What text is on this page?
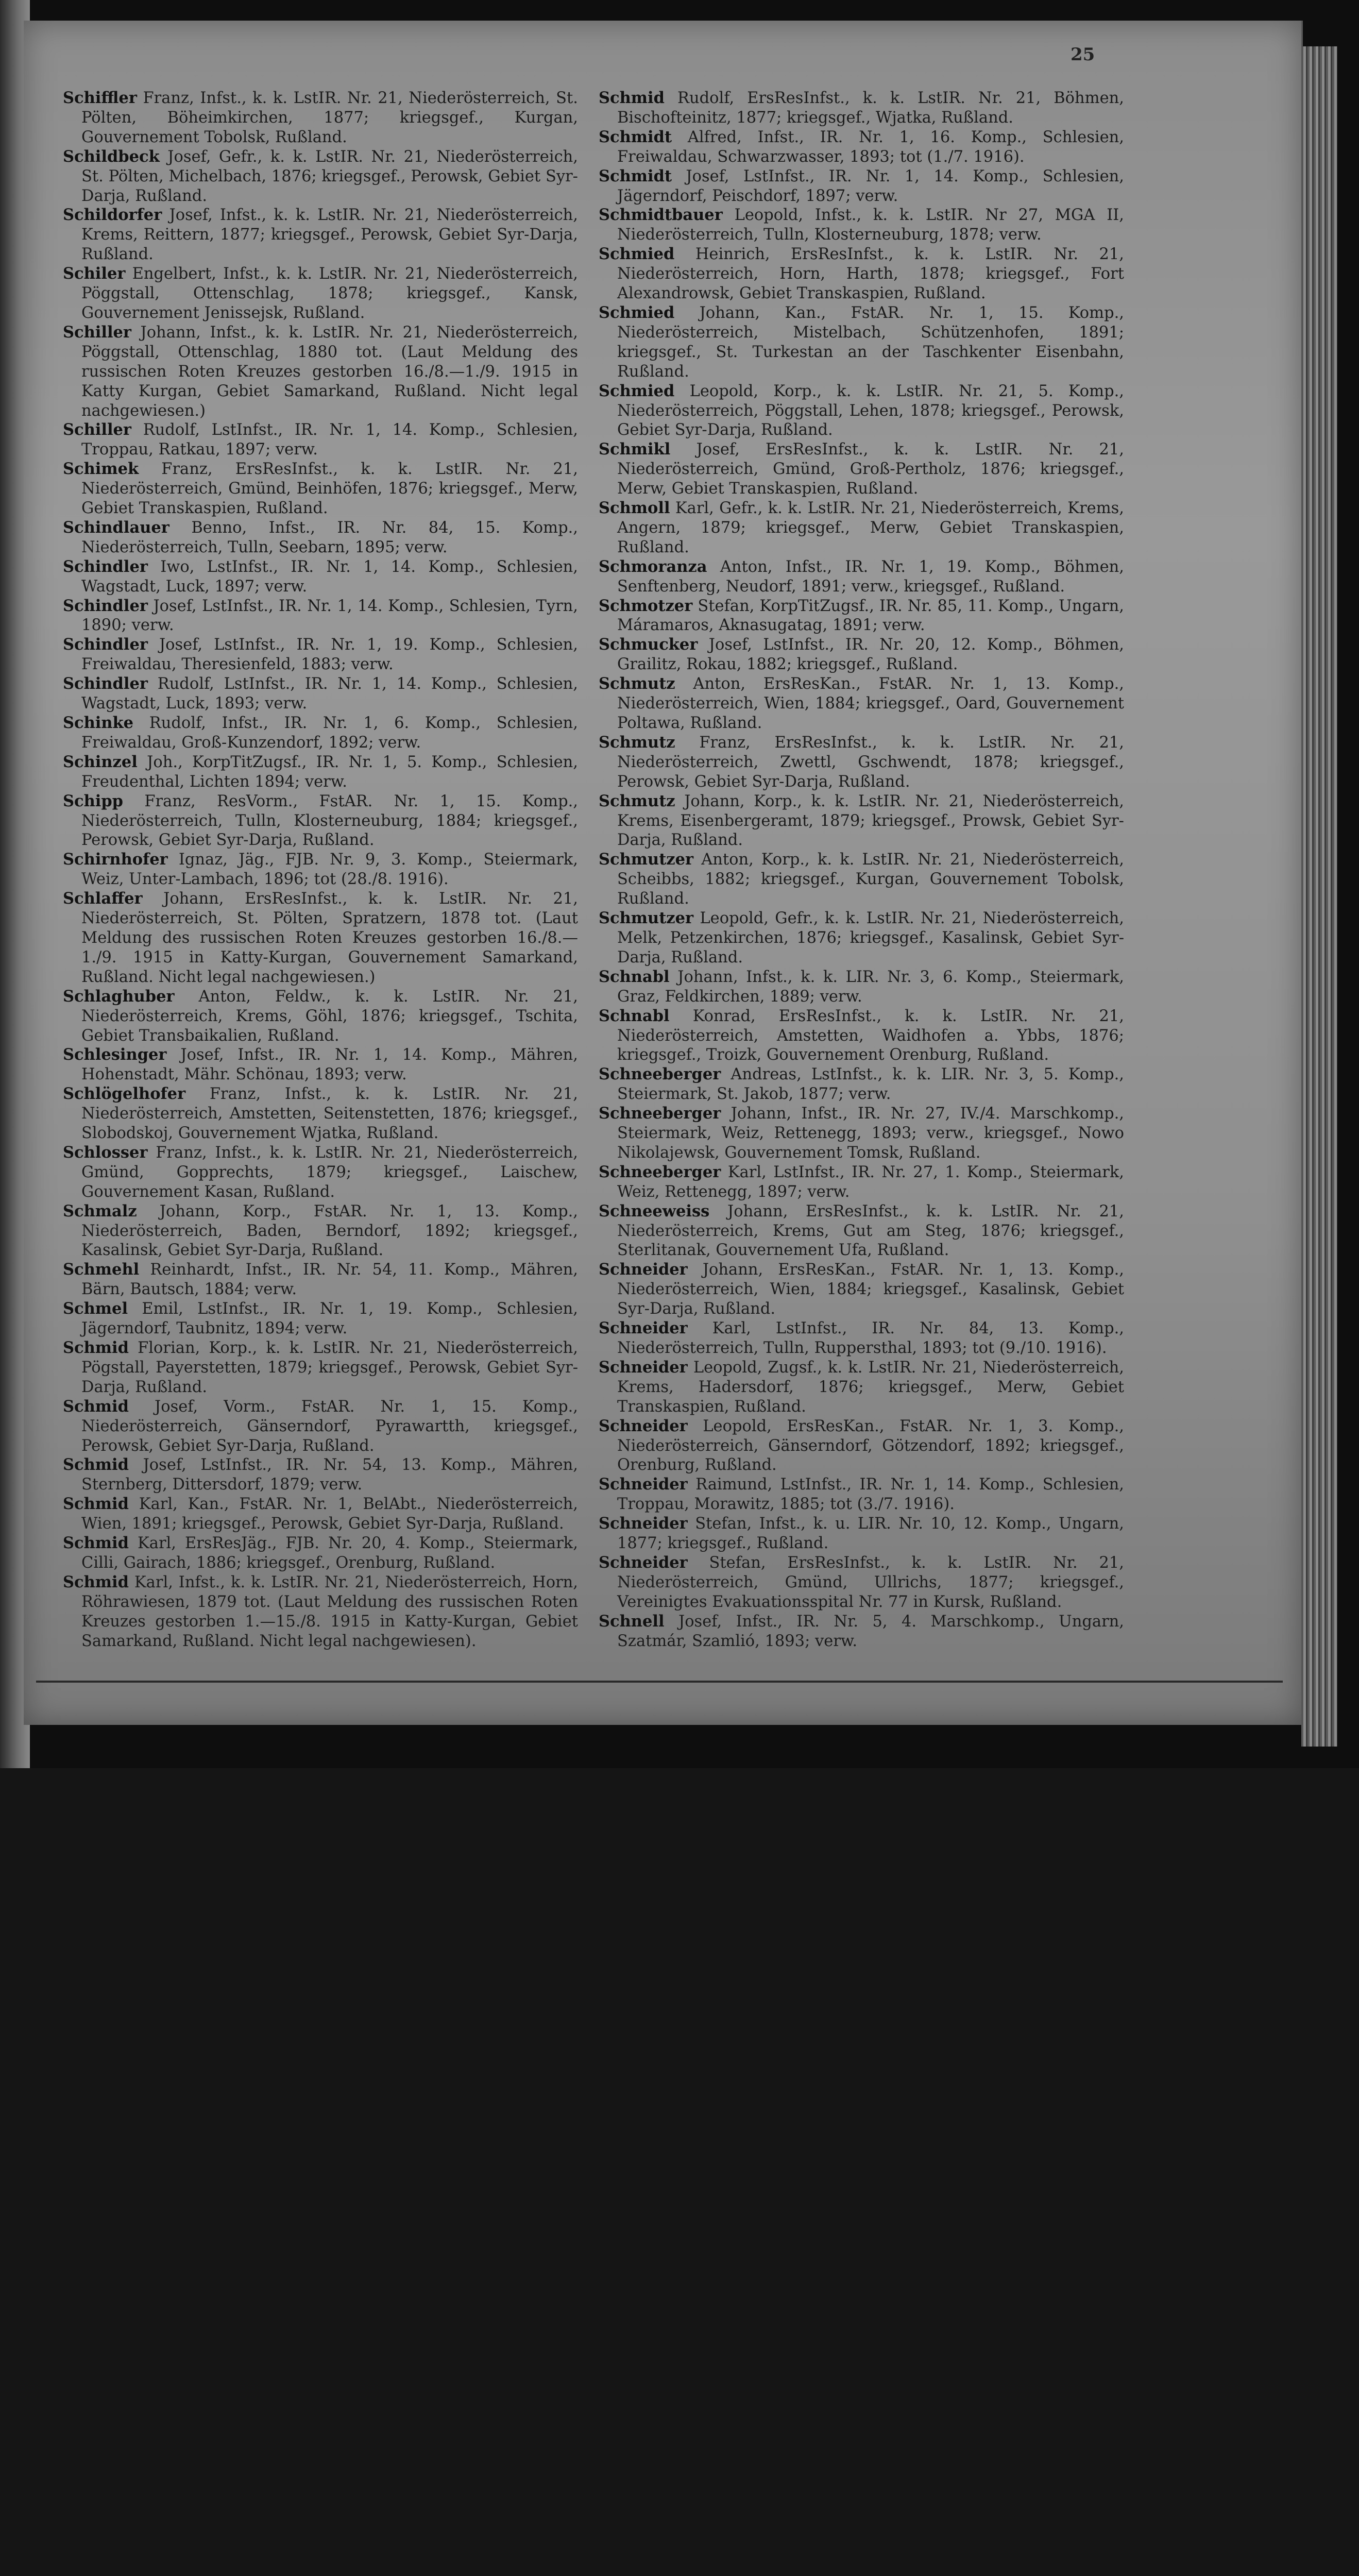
25
Schiffler Franz, Infst., k. k. LstIR. Nr. 21, Niederösterreich, St. Pölten, Böheimkirchen, 1877; kriegsgef., Kurgan, Gouvernement Tobolsk, Rußland.
Schildbeck Josef, Gefr., k. k. LstIR. Nr. 21, Niederösterreich, St. Pölten, Michelbach, 1876; kriegsgef., Perowsk, Gebiet Syr-Darja, Rußland.
Schildorfer Josef, Infst., k. k. LstIR. Nr. 21, Niederösterreich, Krems, Reittern, 1877; kriegsgef., Perowsk, Gebiet Syr-Darja, Rußland.
Schiler Engelbert, Infst., k. k. LstIR. Nr. 21, Niederösterreich, Pöggstall, Ottenschlag, 1878; kriegsgef., Kansk, Gouvernement Jenissejsk, Rußland.
Schiller Johann, Infst., k. k. LstIR. Nr. 21, Niederösterreich, Pöggstall, Ottenschlag, 1880 tot. (Laut Meldung des russischen Roten Kreuzes gestorben 16./8.—1./9. 1915 in Katty Kurgan, Gebiet Samarkand, Rußland. Nicht legal nachgewiesen.)
Schiller Rudolf, LstInfst., IR. Nr. 1, 14. Komp., Schlesien, Troppau, Ratkau, 1897; verw.
Schimek Franz, ErsResInfst., k. k. LstIR. Nr. 21, Niederösterreich, Gmünd, Beinhöfen, 1876; kriegsgef., Merw, Gebiet Transkaspien, Rußland.
Schindlauer Benno, Infst., IR. Nr. 84, 15. Komp., Niederösterreich, Tulln, Seebarn, 1895; verw.
Schindler Iwo, LstInfst., IR. Nr. 1, 14. Komp., Schlesien, Wagstadt, Luck, 1897; verw.
Schindler Josef, LstInfst., IR. Nr. 1, 14. Komp., Schlesien, Tyrn, 1890; verw.
Schindler Josef, LstInfst., IR. Nr. 1, 19. Komp., Schlesien, Freiwaldau, Theresienfeld, 1883; verw.
Schindler Rudolf, LstInfst., IR. Nr. 1, 14. Komp., Schlesien, Wagstadt, Luck, 1893; verw.
Schinke Rudolf, Infst., IR. Nr. 1, 6. Komp., Schlesien, Freiwaldau, Groß-Kunzendorf, 1892; verw.
Schinzel Joh., KorpTitZugsf., IR. Nr. 1, 5. Komp., Schlesien, Freudenthal, Lichten 1894; verw.
Schipp Franz, ResVorm., FstAR. Nr. 1, 15. Komp., Niederösterreich, Tulln, Klosterneuburg, 1884; kriegsgef., Perowsk, Gebiet Syr-Darja, Rußland.
Schirnhofer Ignaz, Jäg., FJB. Nr. 9, 3. Komp., Steiermark, Weiz, Unter-Lambach, 1896; tot (28./8. 1916).
Schlaffer Johann, ErsResInfst., k. k. LstIR. Nr. 21, Niederösterreich, St. Pölten, Spratzern, 1878 tot. (Laut Meldung des russischen Roten Kreuzes gestorben 16./8.—1./9. 1915 in Katty-Kurgan, Gouvernement Samarkand, Rußland. Nicht legal nachgewiesen.)
Schlaghuber Anton, Feldw., k. k. LstIR. Nr. 21, Niederösterreich, Krems, Göhl, 1876; kriegsgef., Tschita, Gebiet Transbaikalien, Rußland.
Schlesinger Josef, Infst., IR. Nr. 1, 14. Komp., Mähren, Hohenstadt, Mähr. Schönau, 1893; verw.
Schlögelhofer Franz, Infst., k. k. LstIR. Nr. 21, Niederösterreich, Amstetten, Seitenstetten, 1876; kriegsgef., Slobodskoj, Gouvernement Wjatka, Rußland.
Schlosser Franz, Infst., k. k. LstIR. Nr. 21, Niederösterreich, Gmünd, Gopprechts, 1879; kriegsgef., Laischew, Gouvernement Kasan, Rußland.
Schmalz Johann, Korp., FstAR. Nr. 1, 13. Komp., Niederösterreich, Baden, Berndorf, 1892; kriegsgef., Kasalinsk, Gebiet Syr-Darja, Rußland.
Schmehl Reinhardt, Infst., IR. Nr. 54, 11. Komp., Mähren, Bärn, Bautsch, 1884; verw.
Schmel Emil, LstInfst., IR. Nr. 1, 19. Komp., Schlesien, Jägerndorf, Taubnitz, 1894; verw.
Schmid Florian, Korp., k. k. LstIR. Nr. 21, Niederösterreich, Pögstall, Payerstetten, 1879; kriegsgef., Perowsk, Gebiet Syr-Darja, Rußland.
Schmid Josef, Vorm., FstAR. Nr. 1, 15. Komp., Niederösterreich, Gänserndorf, Pyrawartth, kriegsgef., Perowsk, Gebiet Syr-Darja, Rußland.
Schmid Josef, LstInfst., IR. Nr. 54, 13. Komp., Mähren, Sternberg, Dittersdorf, 1879; verw.
Schmid Karl, Kan., FstAR. Nr. 1, BelAbt., Niederösterreich, Wien, 1891; kriegsgef., Perowsk, Gebiet Syr-Darja, Rußland.
Schmid Karl, ErsResJäg., FJB. Nr. 20, 4. Komp., Steiermark, Cilli, Gairach, 1886; kriegsgef., Orenburg, Rußland.
Schmid Karl, Infst., k. k. LstIR. Nr. 21, Niederösterreich, Horn, Röhrawiesen, 1879 tot. (Laut Meldung des russischen Roten Kreuzes gestorben 1.—15./8. 1915 in Katty-Kurgan, Gebiet Samarkand, Rußland. Nicht legal nachgewiesen).
Schmid Rudolf, ErsResInfst., k. k. LstIR. Nr. 21, Böhmen, Bischofteinitz, 1877; kriegsgef., Wjatka, Rußland.
Schmidt Alfred, Infst., IR. Nr. 1, 16. Komp., Schlesien, Freiwaldau, Schwarzwasser, 1893; tot (1./7. 1916).
Schmidt Josef, LstInfst., IR. Nr. 1, 14. Komp., Schlesien, Jägerndorf, Peischdorf, 1897; verw.
Schmidtbauer Leopold, Infst., k. k. LstIR. Nr 27, MGA II, Niederösterreich, Tulln, Klosterneuburg, 1878; verw.
Schmied Heinrich, ErsResInfst., k. k. LstIR. Nr. 21, Niederösterreich, Horn, Harth, 1878; kriegsgef., Fort Alexandrowsk, Gebiet Transkaspien, Rußland.
Schmied Johann, Kan., FstAR. Nr. 1, 15. Komp., Niederösterreich, Mistelbach, Schützenhofen, 1891; kriegsgef., St. Turkestan an der Taschkenter Eisenbahn, Rußland.
Schmied Leopold, Korp., k. k. LstIR. Nr. 21, 5. Komp., Niederösterreich, Pöggstall, Lehen, 1878; kriegsgef., Perowsk, Gebiet Syr-Darja, Rußland.
Schmikl Josef, ErsResInfst., k. k. LstIR. Nr. 21, Niederösterreich, Gmünd, Groß-Pertholz, 1876; kriegsgef., Merw, Gebiet Transkaspien, Rußland.
Schmoll Karl, Gefr., k. k. LstIR. Nr. 21, Niederösterreich, Krems, Angern, 1879; kriegsgef., Merw, Gebiet Transkaspien, Rußland.
Schmoranza Anton, Infst., IR. Nr. 1, 19. Komp., Böhmen, Senftenberg, Neudorf, 1891; verw., kriegsgef., Rußland.
Schmotzer Stefan, KorpTitZugsf., IR. Nr. 85, 11. Komp., Ungarn, Máramaros, Aknasugatag, 1891; verw.
Schmucker Josef, LstInfst., IR. Nr. 20, 12. Komp., Böhmen, Grailitz, Rokau, 1882; kriegsgef., Rußland.
Schmutz Anton, ErsResKan., FstAR. Nr. 1, 13. Komp., Niederösterreich, Wien, 1884; kriegsgef., Oard, Gouvernement Poltawa, Rußland.
Schmutz Franz, ErsResInfst., k. k. LstIR. Nr. 21, Niederösterreich, Zwettl, Gschwendt, 1878; kriegsgef., Perowsk, Gebiet Syr-Darja, Rußland.
Schmutz Johann, Korp., k. k. LstIR. Nr. 21, Niederösterreich, Krems, Eisenbergeramt, 1879; kriegsgef., Prowsk, Gebiet Syr-Darja, Rußland.
Schmutzer Anton, Korp., k. k. LstIR. Nr. 21, Niederösterreich, Scheibbs, 1882; kriegsgef., Kurgan, Gouvernement Tobolsk, Rußland.
Schmutzer Leopold, Gefr., k. k. LstIR. Nr. 21, Niederösterreich, Melk, Petzenkirchen, 1876; kriegsgef., Kasalinsk, Gebiet Syr-Darja, Rußland.
Schnabl Johann, Infst., k. k. LIR. Nr. 3, 6. Komp., Steiermark, Graz, Feldkirchen, 1889; verw.
Schnabl Konrad, ErsResInfst., k. k. LstIR. Nr. 21, Niederösterreich, Amstetten, Waidhofen a. Ybbs, 1876; kriegsgef., Troizk, Gouvernement Orenburg, Rußland.
Schneeberger Andreas, LstInfst., k. k. LIR. Nr. 3, 5. Komp., Steiermark, St. Jakob, 1877; verw.
Schneeberger Johann, Infst., IR. Nr. 27, IV./4. Marschkomp., Steiermark, Weiz, Rettenegg, 1893; verw., kriegsgef., Nowo Nikolajewsk, Gouvernement Tomsk, Rußland.
Schneeberger Karl, LstInfst., IR. Nr. 27, 1. Komp., Steiermark, Weiz, Rettenegg, 1897; verw.
Schneeweiss Johann, ErsResInfst., k. k. LstIR. Nr. 21, Niederösterreich, Krems, Gut am Steg, 1876; kriegsgef., Sterlitanak, Gouvernement Ufa, Rußland.
Schneider Johann, ErsResKan., FstAR. Nr. 1, 13. Komp., Niederösterreich, Wien, 1884; kriegsgef., Kasalinsk, Gebiet Syr-Darja, Rußland.
Schneider Karl, LstInfst., IR. Nr. 84, 13. Komp., Niederösterreich, Tulln, Ruppersthal, 1893; tot (9./10. 1916).
Schneider Leopold, Zugsf., k. k. LstIR. Nr. 21, Niederösterreich, Krems, Hadersdorf, 1876; kriegsgef., Merw, Gebiet Transkaspien, Rußland.
Schneider Leopold, ErsResKan., FstAR. Nr. 1, 3. Komp., Niederösterreich, Gänserndorf, Götzendorf, 1892; kriegsgef., Orenburg, Rußland.
Schneider Raimund, LstInfst., IR. Nr. 1, 14. Komp., Schlesien, Troppau, Morawitz, 1885; tot (3./7. 1916).
Schneider Stefan, Infst., k. u. LIR. Nr. 10, 12. Komp., Ungarn, 1877; kriegsgef., Rußland.
Schneider Stefan, ErsResInfst., k. k. LstIR. Nr. 21, Niederösterreich, Gmünd, Ullrichs, 1877; kriegsgef., Vereinigtes Evakuationsspital Nr. 77 in Kursk, Rußland.
Schnell Josef, Infst., IR. Nr. 5, 4. Marschkomp., Ungarn, Szatmár, Szamlió, 1893; verw.
